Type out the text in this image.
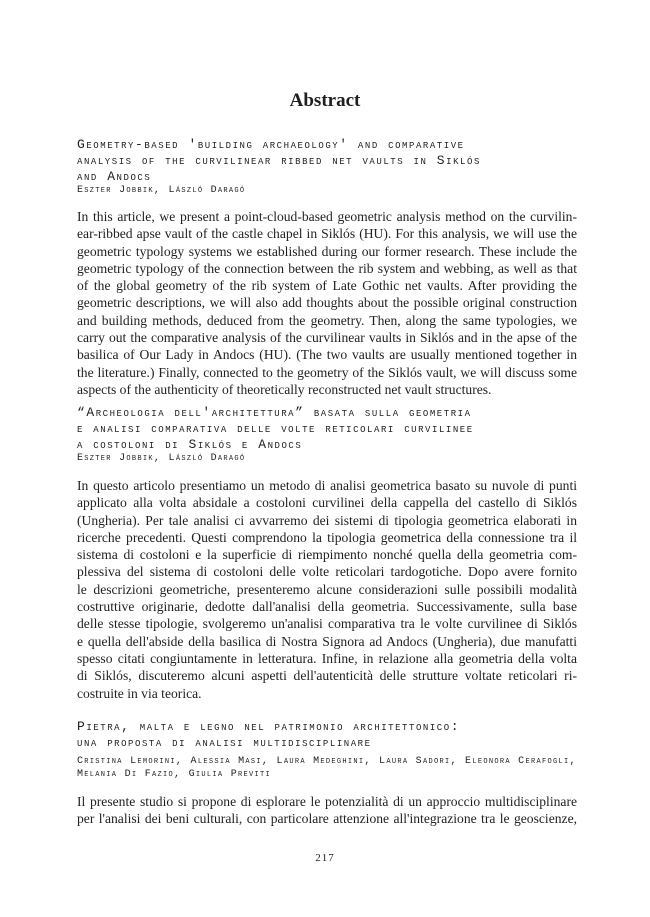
Abstract
Geometry-based 'building archaeology' and comparative
analysis of the curvilinear ribbed net vaults in Siklós
and Andocs
Eszter Jobbik, László Daragó
In this article, we present a point-cloud-based geometric analysis method on the curvilin-
ear-ribbed apse vault of the castle chapel in Siklós (HU). For this analysis, we will use the
geometric typology systems we established during our former research. These include the
geometric typology of the connection between the rib system and webbing, as well as that
of the global geometry of the rib system of Late Gothic net vaults. After providing the
geometric descriptions, we will also add thoughts about the possible original construction
and building methods, deduced from the geometry. Then, along the same typologies, we
carry out the comparative analysis of the curvilinear vaults in Siklós and in the apse of the
basilica of Our Lady in Andocs (HU). (The two vaults are usually mentioned together in
the literature.) Finally, connected to the geometry of the Siklós vault, we will discuss some
aspects of the authenticity of theoretically reconstructed net vault structures.
“Archeologia dell'architettura” basata sulla geometria
e analisi comparativa delle volte reticolari curvilinee
a costoloni di Siklós e Andocs
Eszter Jobbik, László Daragó
In questo articolo presentiamo un metodo di analisi geometrica basato su nuvole di punti
applicato alla volta absidale a costoloni curvilinei della cappella del castello di Siklós
(Ungheria). Per tale analisi ci avvarremo dei sistemi di tipologia geometrica elaborati in
ricerche precedenti. Questi comprendono la tipologia geometrica della connessione tra il
sistema di costoloni e la superficie di riempimento nonché quella della geometria com-
plessiva del sistema di costoloni delle volte reticolari tardogotiche. Dopo avere fornito
le descrizioni geometriche, presenteremo alcune considerazioni sulle possibili modalità
costruttive originarie, dedotte dall'analisi della geometria. Successivamente, sulla base
delle stesse tipologie, svolgeremo un'analisi comparativa tra le volte curvilinee di Siklós
e quella dell'abside della basilica di Nostra Signora ad Andocs (Ungheria), due manufatti
spesso citati congiuntamente in letteratura. Infine, in relazione alla geometria della volta
di Siklós, discuteremo alcuni aspetti dell'autenticità delle strutture voltate reticolari ri-
costruite in via teorica.
Pietra, malta e legno nel patrimonio architettonico:
una proposta di analisi multidisciplinare
Cristina Lemorini, Alessia Masi, Laura Medeghini, Laura Sadori, Eleonora Cerafogli,
Melania Di Fazio, Giulia Previti
Il presente studio si propone di esplorare le potenzialità di un approccio multidisciplinare
per l'analisi dei beni culturali, con particolare attenzione all'integrazione tra le geoscienze,
217
